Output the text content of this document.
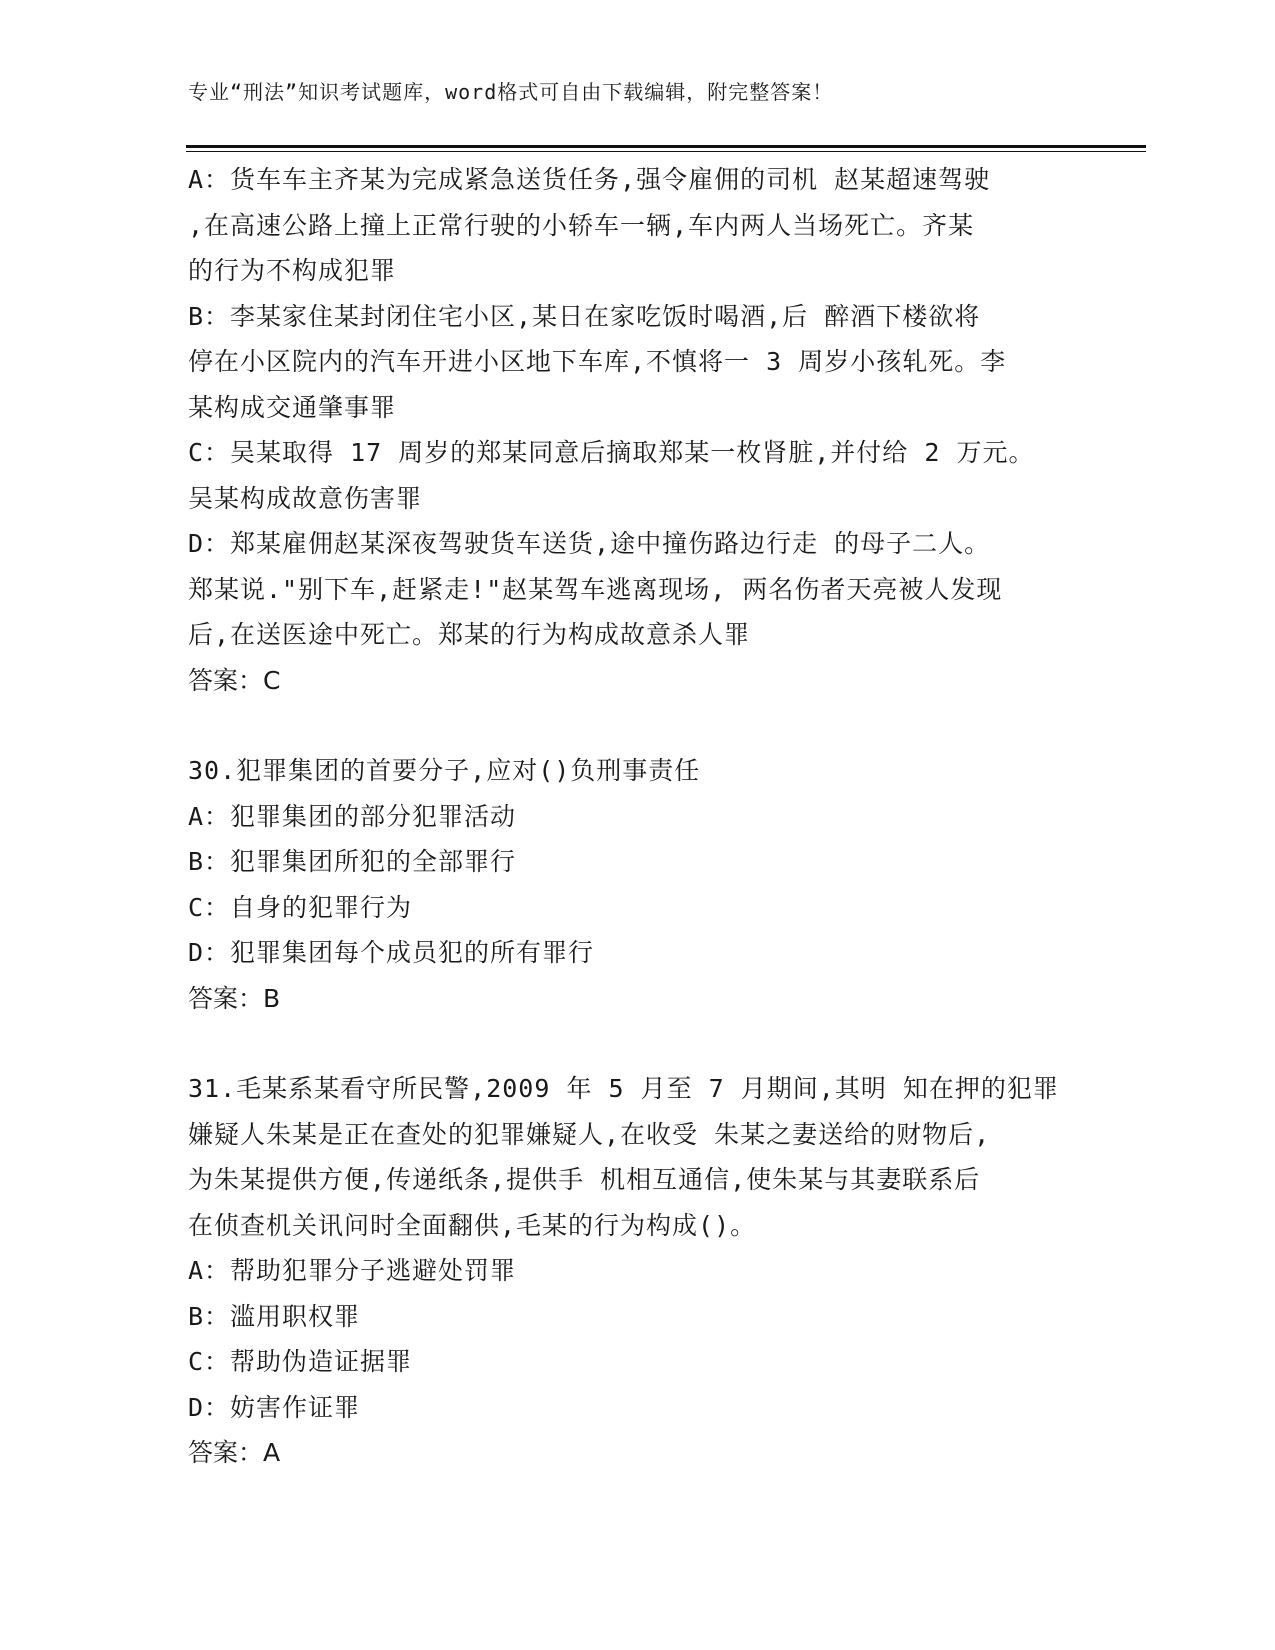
专业“刑法”知识考试题库，word格式可自由下载编辑，附完整答案！
A：货车车主齐某为完成紧急送货任务,强令雇佣的司机 赵某超速驾驶
,在高速公路上撞上正常行驶的小轿车一辆,车内两人当场死亡。齐某
的行为不构成犯罪
B：李某家住某封闭住宅小区,某日在家吃饭时喝酒,后 醉酒下楼欲将
停在小区院内的汽车开进小区地下车库,不慎将一 3 周岁小孩轧死。李
某构成交通肇事罪
C：吴某取得 17 周岁的郑某同意后摘取郑某一枚肾脏,并付给 2 万元。
吴某构成故意伤害罪
D：郑某雇佣赵某深夜驾驶货车送货,途中撞伤路边行走 的母子二人。
郑某说."别下车,赶紧走!"赵某驾车逃离现场, 两名伤者天亮被人发现
后,在送医途中死亡。郑某的行为构成故意杀人罪
答案：C
30.犯罪集团的首要分子,应对()负刑事责任
A：犯罪集团的部分犯罪活动
B：犯罪集团所犯的全部罪行
C：自身的犯罪行为
D：犯罪集团每个成员犯的所有罪行
答案：B
31.毛某系某看守所民警,2009 年 5 月至 7 月期间,其明 知在押的犯罪
嫌疑人朱某是正在查处的犯罪嫌疑人,在收受 朱某之妻送给的财物后,
为朱某提供方便,传递纸条,提供手 机相互通信,使朱某与其妻联系后
在侦查机关讯问时全面翻供,毛某的行为构成()。
A：帮助犯罪分子逃避处罚罪
B：滥用职权罪
C：帮助伪造证据罪
D：妨害作证罪
答案：A
